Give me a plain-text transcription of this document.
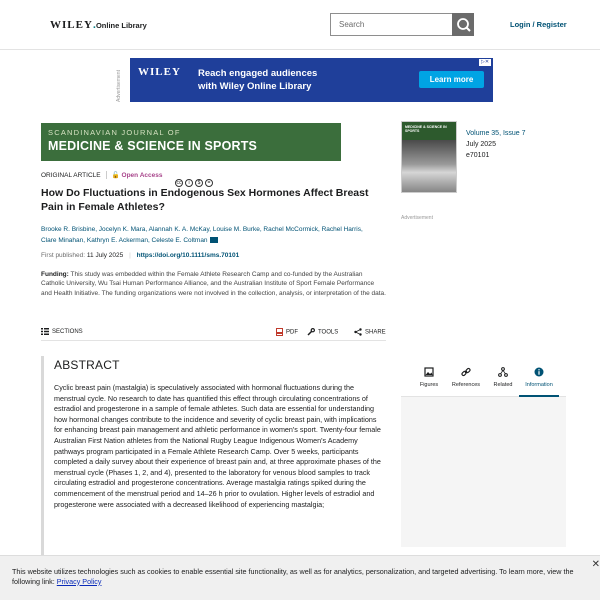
WILEY.Online Library	Search	Login / Register
Advertisement WILEY Reach engaged audiences
with Wiley Online Library
Learn more
▷✕
SCANDINAVIAN JOURNAL OF
MEDICINE & SCIENCE IN SPORTS
ORIGINAL ARTICLE 🔓 Open Access
cc i $ =
How Do Fluctuations in Endogenous Sex Hormones Affect Breast Pain in Female Athletes?
Brooke R. Brisbine, Jocelyn K. Mara, Alannah K. A. McKay, Louise M. Burke, Rachel McCormick, Rachel Harris, Clare Minahan, Kathryn E. Ackerman, Celeste E. Coltman
First published: 11 July 2025 | https://doi.org/10.1111/sms.70101
Funding: This study was embedded within the Female Athlete Research Camp and co-funded by the Australian Catholic University, Wu Tsai Human Performance Alliance, and the Australian Institute of Sport Female Performance and Health Initiative. The funding organizations were not involved in the collection, analysis, or interpretation of the data.
SECTIONS	PDF	TOOLS	SHARE
ABSTRACT

Cyclic breast pain (mastalgia) is speculatively associated with hormonal fluctuations during the menstrual cycle. No research to date has quantified this effect through circulating concentrations of estradiol and progesterone in a sample of female athletes. Such data are essential for understanding how hormonal changes contribute to the incidence and severity of cyclic breast pain, with implications for enhancing breast pain management and athletic performance in women's sport. Twenty-four female Australian First Nation athletes from the National Rugby League Indigenous Women's Academy pathways program participated in a Female Athlete Research Camp. Over 5 weeks, participants completed a daily survey about their experience of breast pain and, at three approximate phases of the menstrual cycle (Phases 1, 2, and 4), presented to the laboratory for venous blood samples to track circulating estradiol and progesterone concentrations. Average mastalgia ratings spiked during the commencement of the menstrual period and 14–26 h prior to ovulation. Higher levels of estradiol and progesterone were associated with a decreased likelihood of experiencing mastalgia;

MEDICINE & SCIENCE IN SPORTS	Volume 35, Issue 7
July 2025
e70101
Advertisement
Figures	References	Related	Information
This website utilizes technologies such as cookies to enable essential site functionality, as well as for analytics, personalization, and targeted advertising. To learn more, view the following link: Privacy Policy
✕
